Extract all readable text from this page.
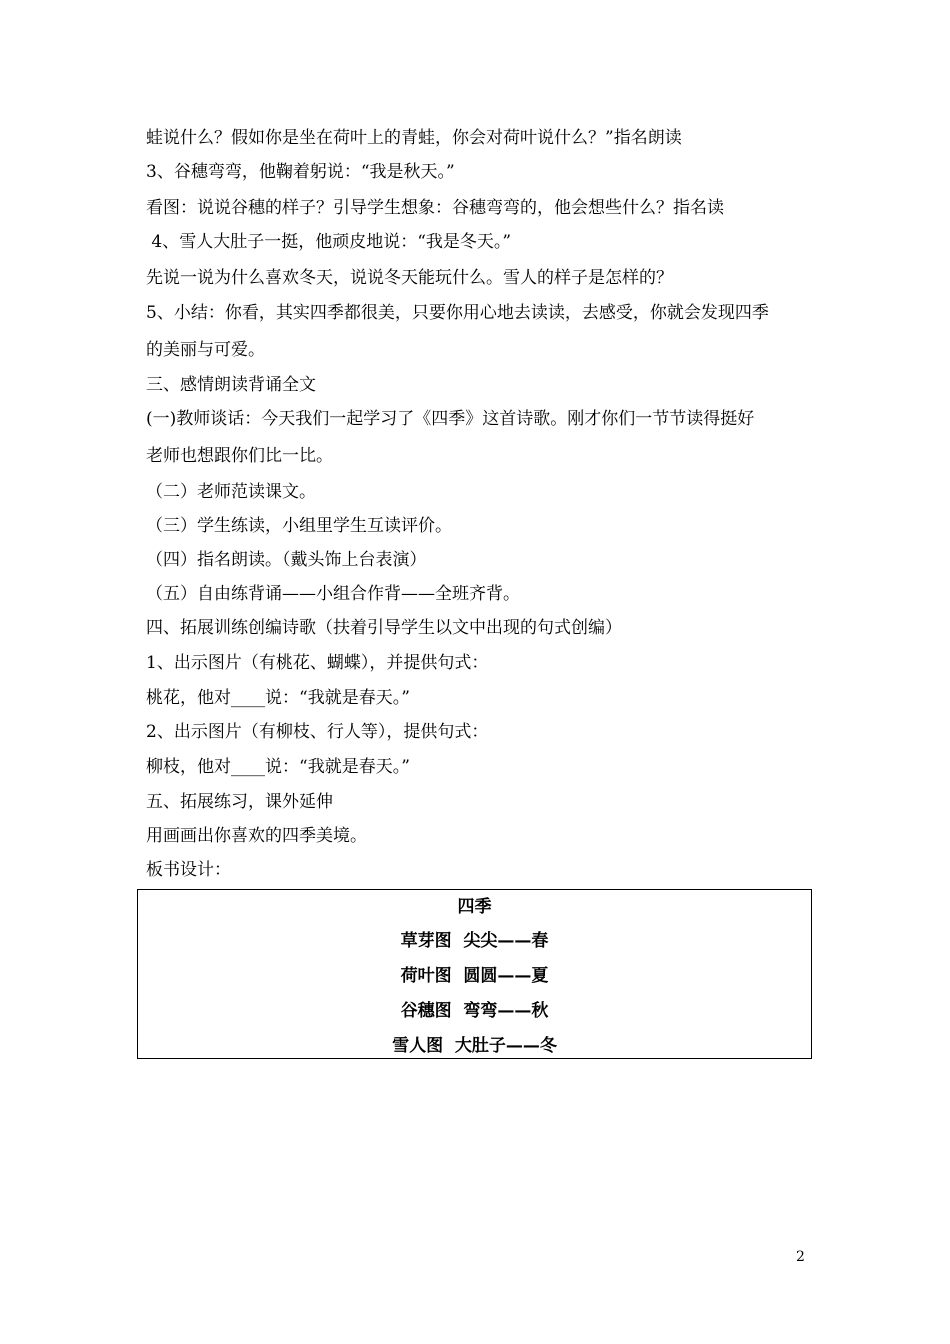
蛙说什么？假如你是坐在荷叶上的青蛙，你会对荷叶说什么？”指名朗读
3、谷穗弯弯，他鞠着躬说：“我是秋天。”
看图：说说谷穗的样子？引导学生想象：谷穗弯弯的，他会想些什么？指名读
4、雪人大肚子一挺，他顽皮地说：“我是冬天。”
先说一说为什么喜欢冬天，说说冬天能玩什么。雪人的样子是怎样的？
5、小结：你看，其实四季都很美，只要你用心地去读读，去感受，你就会发现四季
的美丽与可爱。
三、感情朗读背诵全文
(一)教师谈话：今天我们一起学习了《四季》这首诗歌。刚才你们一节节读得挺好
老师也想跟你们比一比。
（二）老师范读课文。
（三）学生练读，小组里学生互读评价。
（四）指名朗读。（戴头饰上台表演）
（五）自由练背诵——小组合作背——全班齐背。
四、拓展训练创编诗歌（扶着引导学生以文中出现的句式创编）
1、出示图片（有桃花、蝴蝶），并提供句式：
桃花，他对____说：“我就是春天。”
2、出示图片（有柳枝、行人等），提供句式：
柳枝，他对____说：“我就是春天。”
五、拓展练习，课外延伸
用画画出你喜欢的四季美境。
板书设计：
四季
草芽图  尖尖——春
荷叶图  圆圆——夏
谷穗图  弯弯——秋
雪人图  大肚子——冬
2
